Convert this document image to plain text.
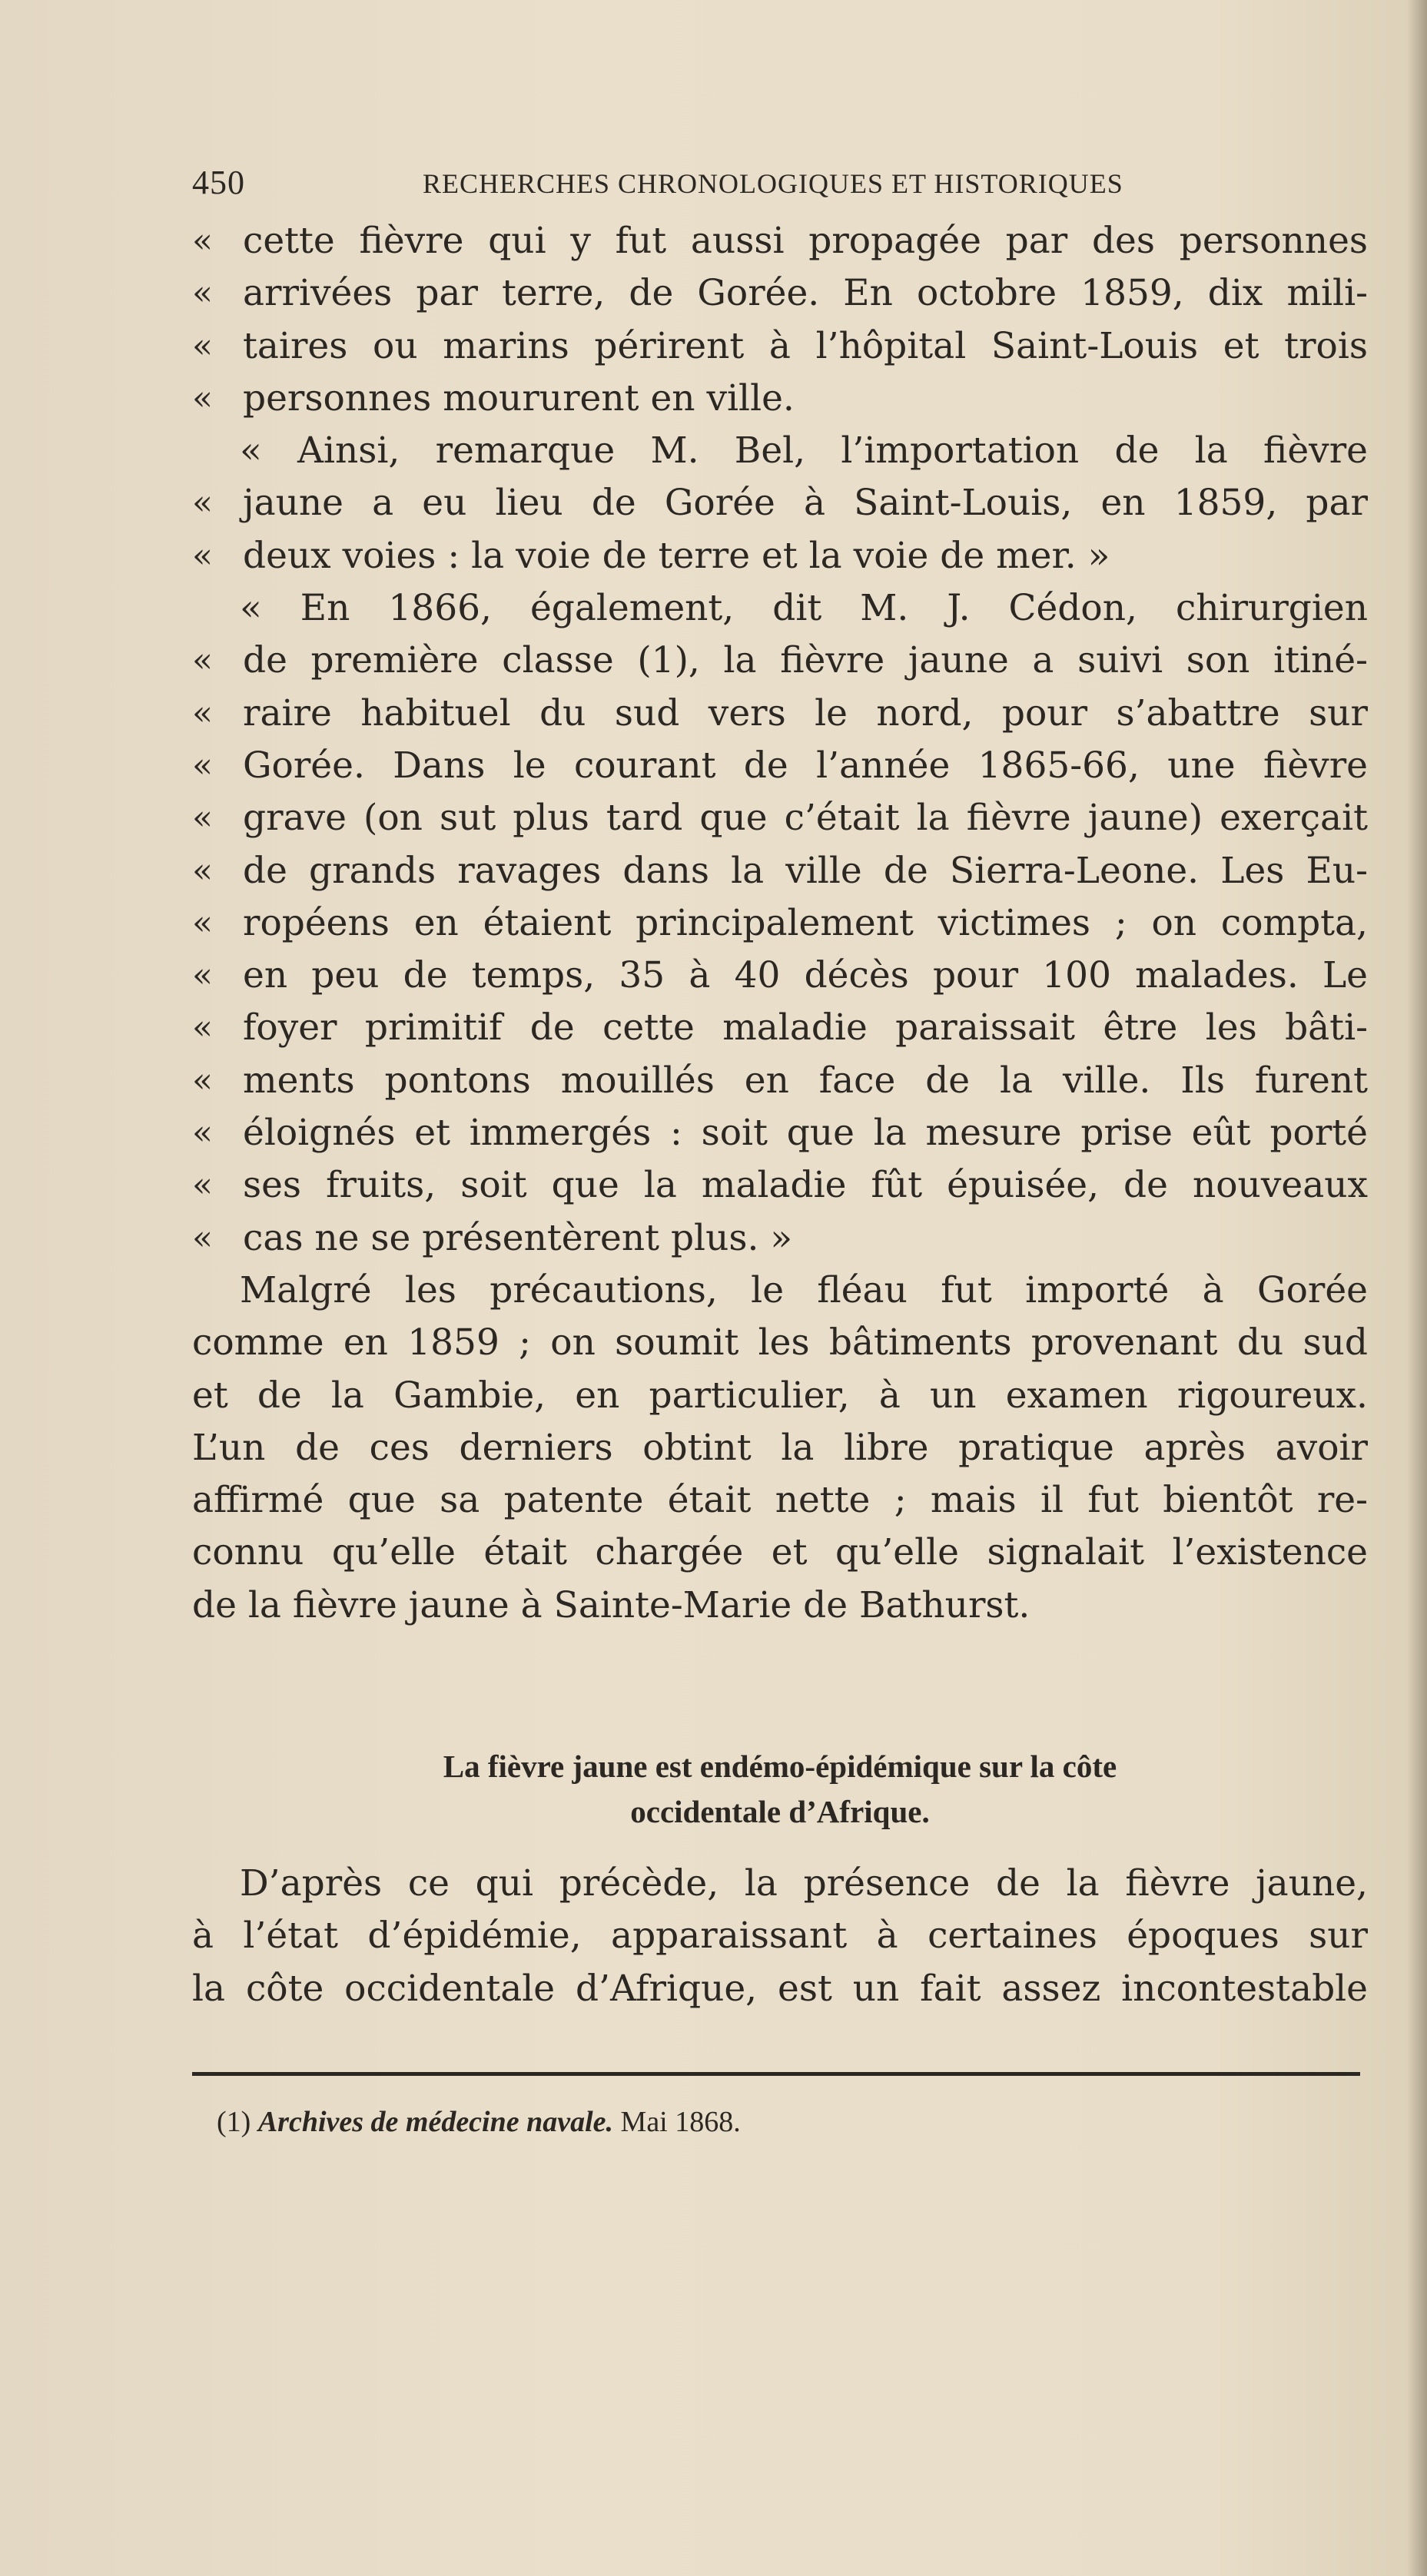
450	RECHERCHES CHRONOLOGIQUES ET HISTORIQUES
« cette fièvre qui y fut aussi propagée par des personnes
« arrivées par terre, de Gorée. En octobre 1859, dix mili-
« taires ou marins périrent à l’hôpital Saint-Louis et trois
« personnes moururent en ville.
« Ainsi, remarque M. Bel, l’importation de la fièvre
« jaune a eu lieu de Gorée à Saint-Louis, en 1859, par
« deux voies : la voie de terre et la voie de mer. »
« En 1866, également, dit M. J. Cédon, chirurgien
« de première classe (1), la fièvre jaune a suivi son itiné-
« raire habituel du sud vers le nord, pour s’abattre sur
« Gorée. Dans le courant de l’année 1865-66, une fièvre
« grave (on sut plus tard que c’était la fièvre jaune) exerçait
« de grands ravages dans la ville de Sierra-Leone. Les Eu-
« ropéens en étaient principalement victimes ; on compta,
« en peu de temps, 35 à 40 décès pour 100 malades. Le
« foyer primitif de cette maladie paraissait être les bâti-
« ments pontons mouillés en face de la ville. Ils furent
« éloignés et immergés : soit que la mesure prise eût porté
« ses fruits, soit que la maladie fût épuisée, de nouveaux
« cas ne se présentèrent plus. »
Malgré les précautions, le fléau fut importé à Gorée
comme en 1859 ; on soumit les bâtiments provenant du sud
et de la Gambie, en particulier, à un examen rigoureux.
L’un de ces derniers obtint la libre pratique après avoir
affirmé que sa patente était nette ; mais il fut bientôt re-
connu qu’elle était chargée et qu’elle signalait l’existence
de la fièvre jaune à Sainte-Marie de Bathurst.
La fièvre jaune est endémo-épidémique sur la côte
occidentale d’Afrique.
D’après ce qui précède, la présence de la fièvre jaune,
à l’état d’épidémie, apparaissant à certaines époques sur
la côte occidentale d’Afrique, est un fait assez incontestable
(1) Archives de médecine navale. Mai 1868.
